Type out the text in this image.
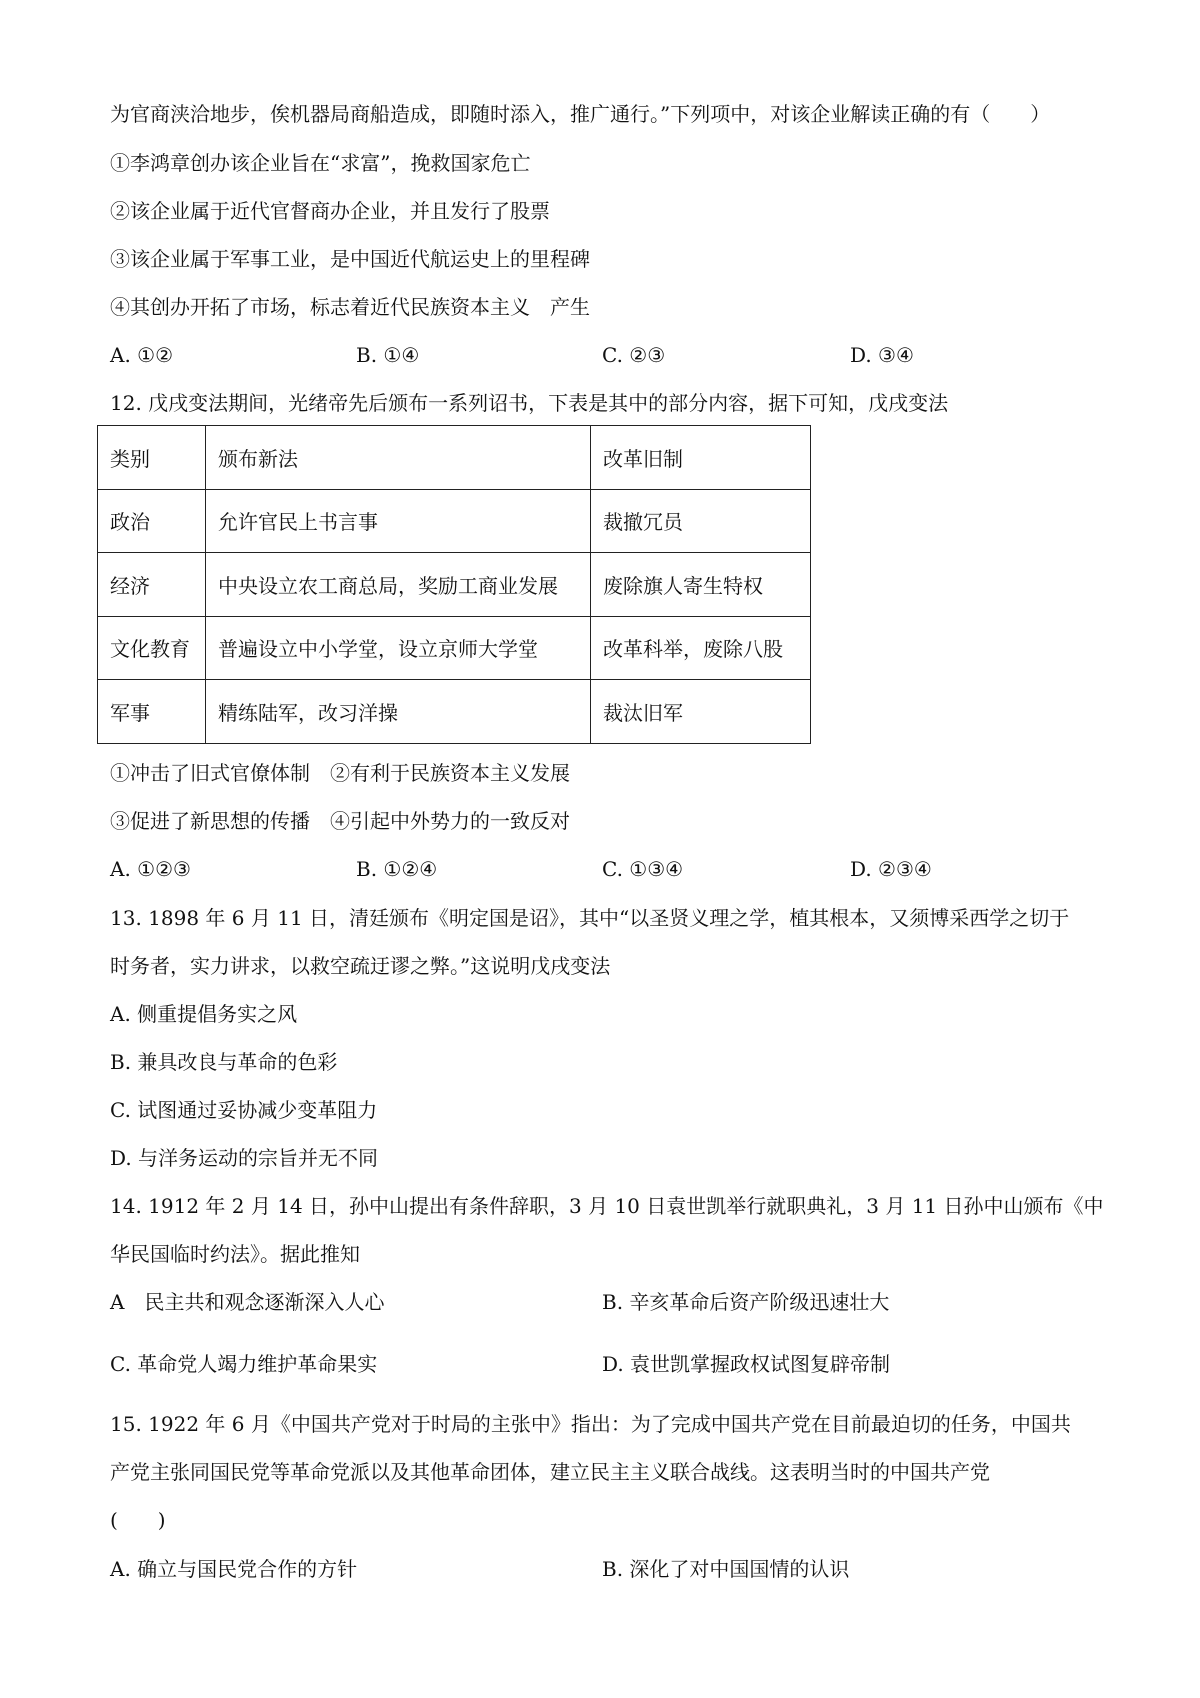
为官商浃洽地步，俟机器局商船造成，即随时添入，推广通行。”下列项中，对该企业解读正确的有（　　）
①李鸿章创办该企业旨在“求富”，挽救国家危亡
②该企业属于近代官督商办企业，并且发行了股票
③该企业属于军事工业，是中国近代航运史上的里程碑
④其创办开拓了市场，标志着近代民族资本主义　产生
A. ①②	B. ①④	C. ②③	D. ③④
12. 戊戌变法期间，光绪帝先后颁布一系列诏书，下表是其中的部分内容，据下可知，戊戌变法
类别	颁布新法	改革旧制
政治	允许官民上书言事	裁撤冗员
经济	中央设立农工商总局，奖励工商业发展	废除旗人寄生特权
文化教育	普遍设立中小学堂，设立京师大学堂	改革科举，废除八股
军事	精练陆军，改习洋操	裁汰旧军
①冲击了旧式官僚体制　②有利于民族资本主义发展
③促进了新思想的传播　④引起中外势力的一致反对
A. ①②③	B. ①②④	C. ①③④	D. ②③④
13. 1898 年 6 月 11 日，清廷颁布《明定国是诏》，其中“以圣贤义理之学，植其根本，又须博采西学之切于
时务者，实力讲求，以救空疏迂谬之弊。”这说明戊戌变法
A. 侧重提倡务实之风
B. 兼具改良与革命的色彩
C. 试图通过妥协减少变革阻力
D. 与洋务运动的宗旨并无不同
14. 1912 年 2 月 14 日，孙中山提出有条件辞职，3 月 10 日袁世凯举行就职典礼，3 月 11 日孙中山颁布《中
华民国临时约法》。据此推知
A　民主共和观念逐渐深入人心	B. 辛亥革命后资产阶级迅速壮大
C. 革命党人竭力维护革命果实	D. 袁世凯掌握政权试图复辟帝制
15. 1922 年 6 月《中国共产党对于时局的主张中》指出：为了完成中国共产党在目前最迫切的任务，中国共
产党主张同国民党等革命党派以及其他革命团体，建立民主主义联合战线。这表明当时的中国共产党
(　　)
A. 确立与国民党合作的方针	B. 深化了对中国国情的认识
